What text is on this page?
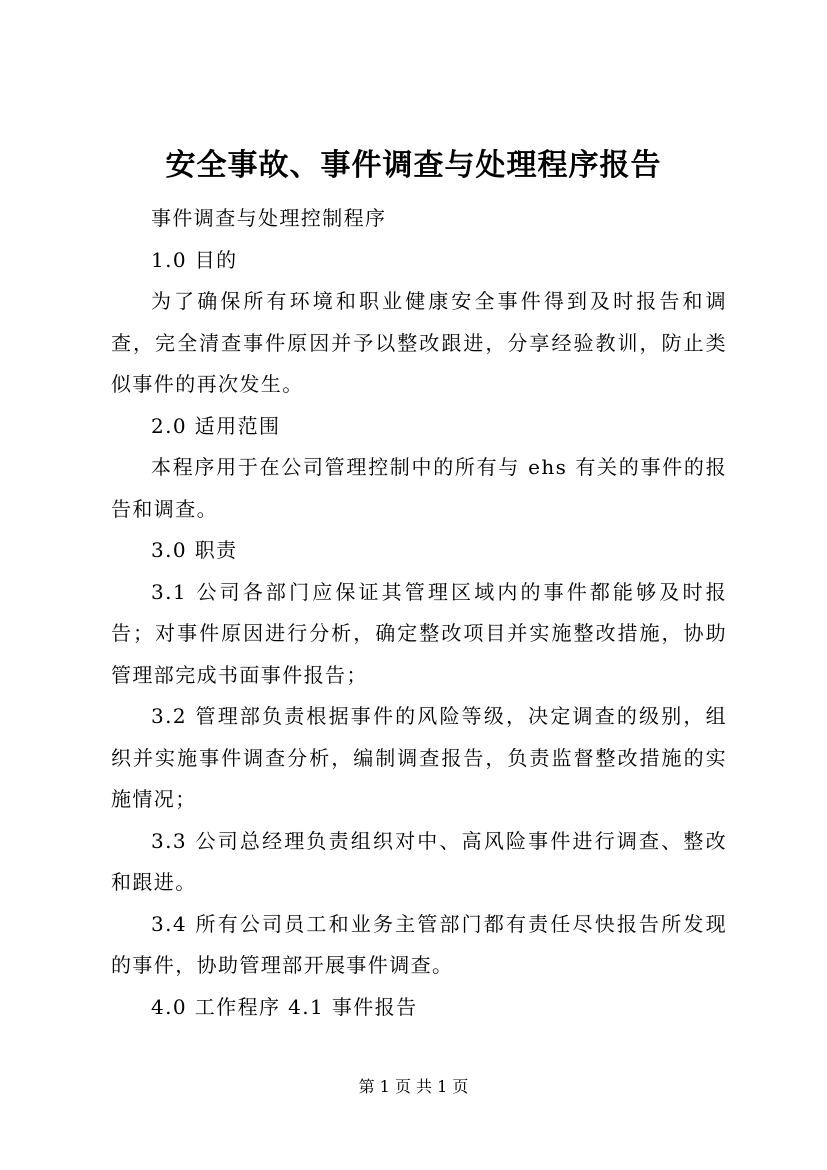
安全事故、事件调查与处理程序报告

事件调查与处理控制程序

1.0 目的

为了确保所有环境和职业健康安全事件得到及时报告和调查，完全清查事件原因并予以整改跟进，分享经验教训，防止类似事件的再次发生。

2.0 适用范围

本程序用于在公司管理控制中的所有与 ehs 有关的事件的报告和调查。

3.0 职责

3.1 公司各部门应保证其管理区域内的事件都能够及时报告；对事件原因进行分析，确定整改项目并实施整改措施，协助管理部完成书面事件报告；

3.2 管理部负责根据事件的风险等级，决定调查的级别，组织并实施事件调查分析，编制调查报告，负责监督整改措施的实施情况；

3.3 公司总经理负责组织对中、高风险事件进行调查、整改和跟进。

3.4 所有公司员工和业务主管部门都有责任尽快报告所发现的事件，协助管理部开展事件调查。

4.0 工作程序 4.1 事件报告

第 1 页 共 1 页
